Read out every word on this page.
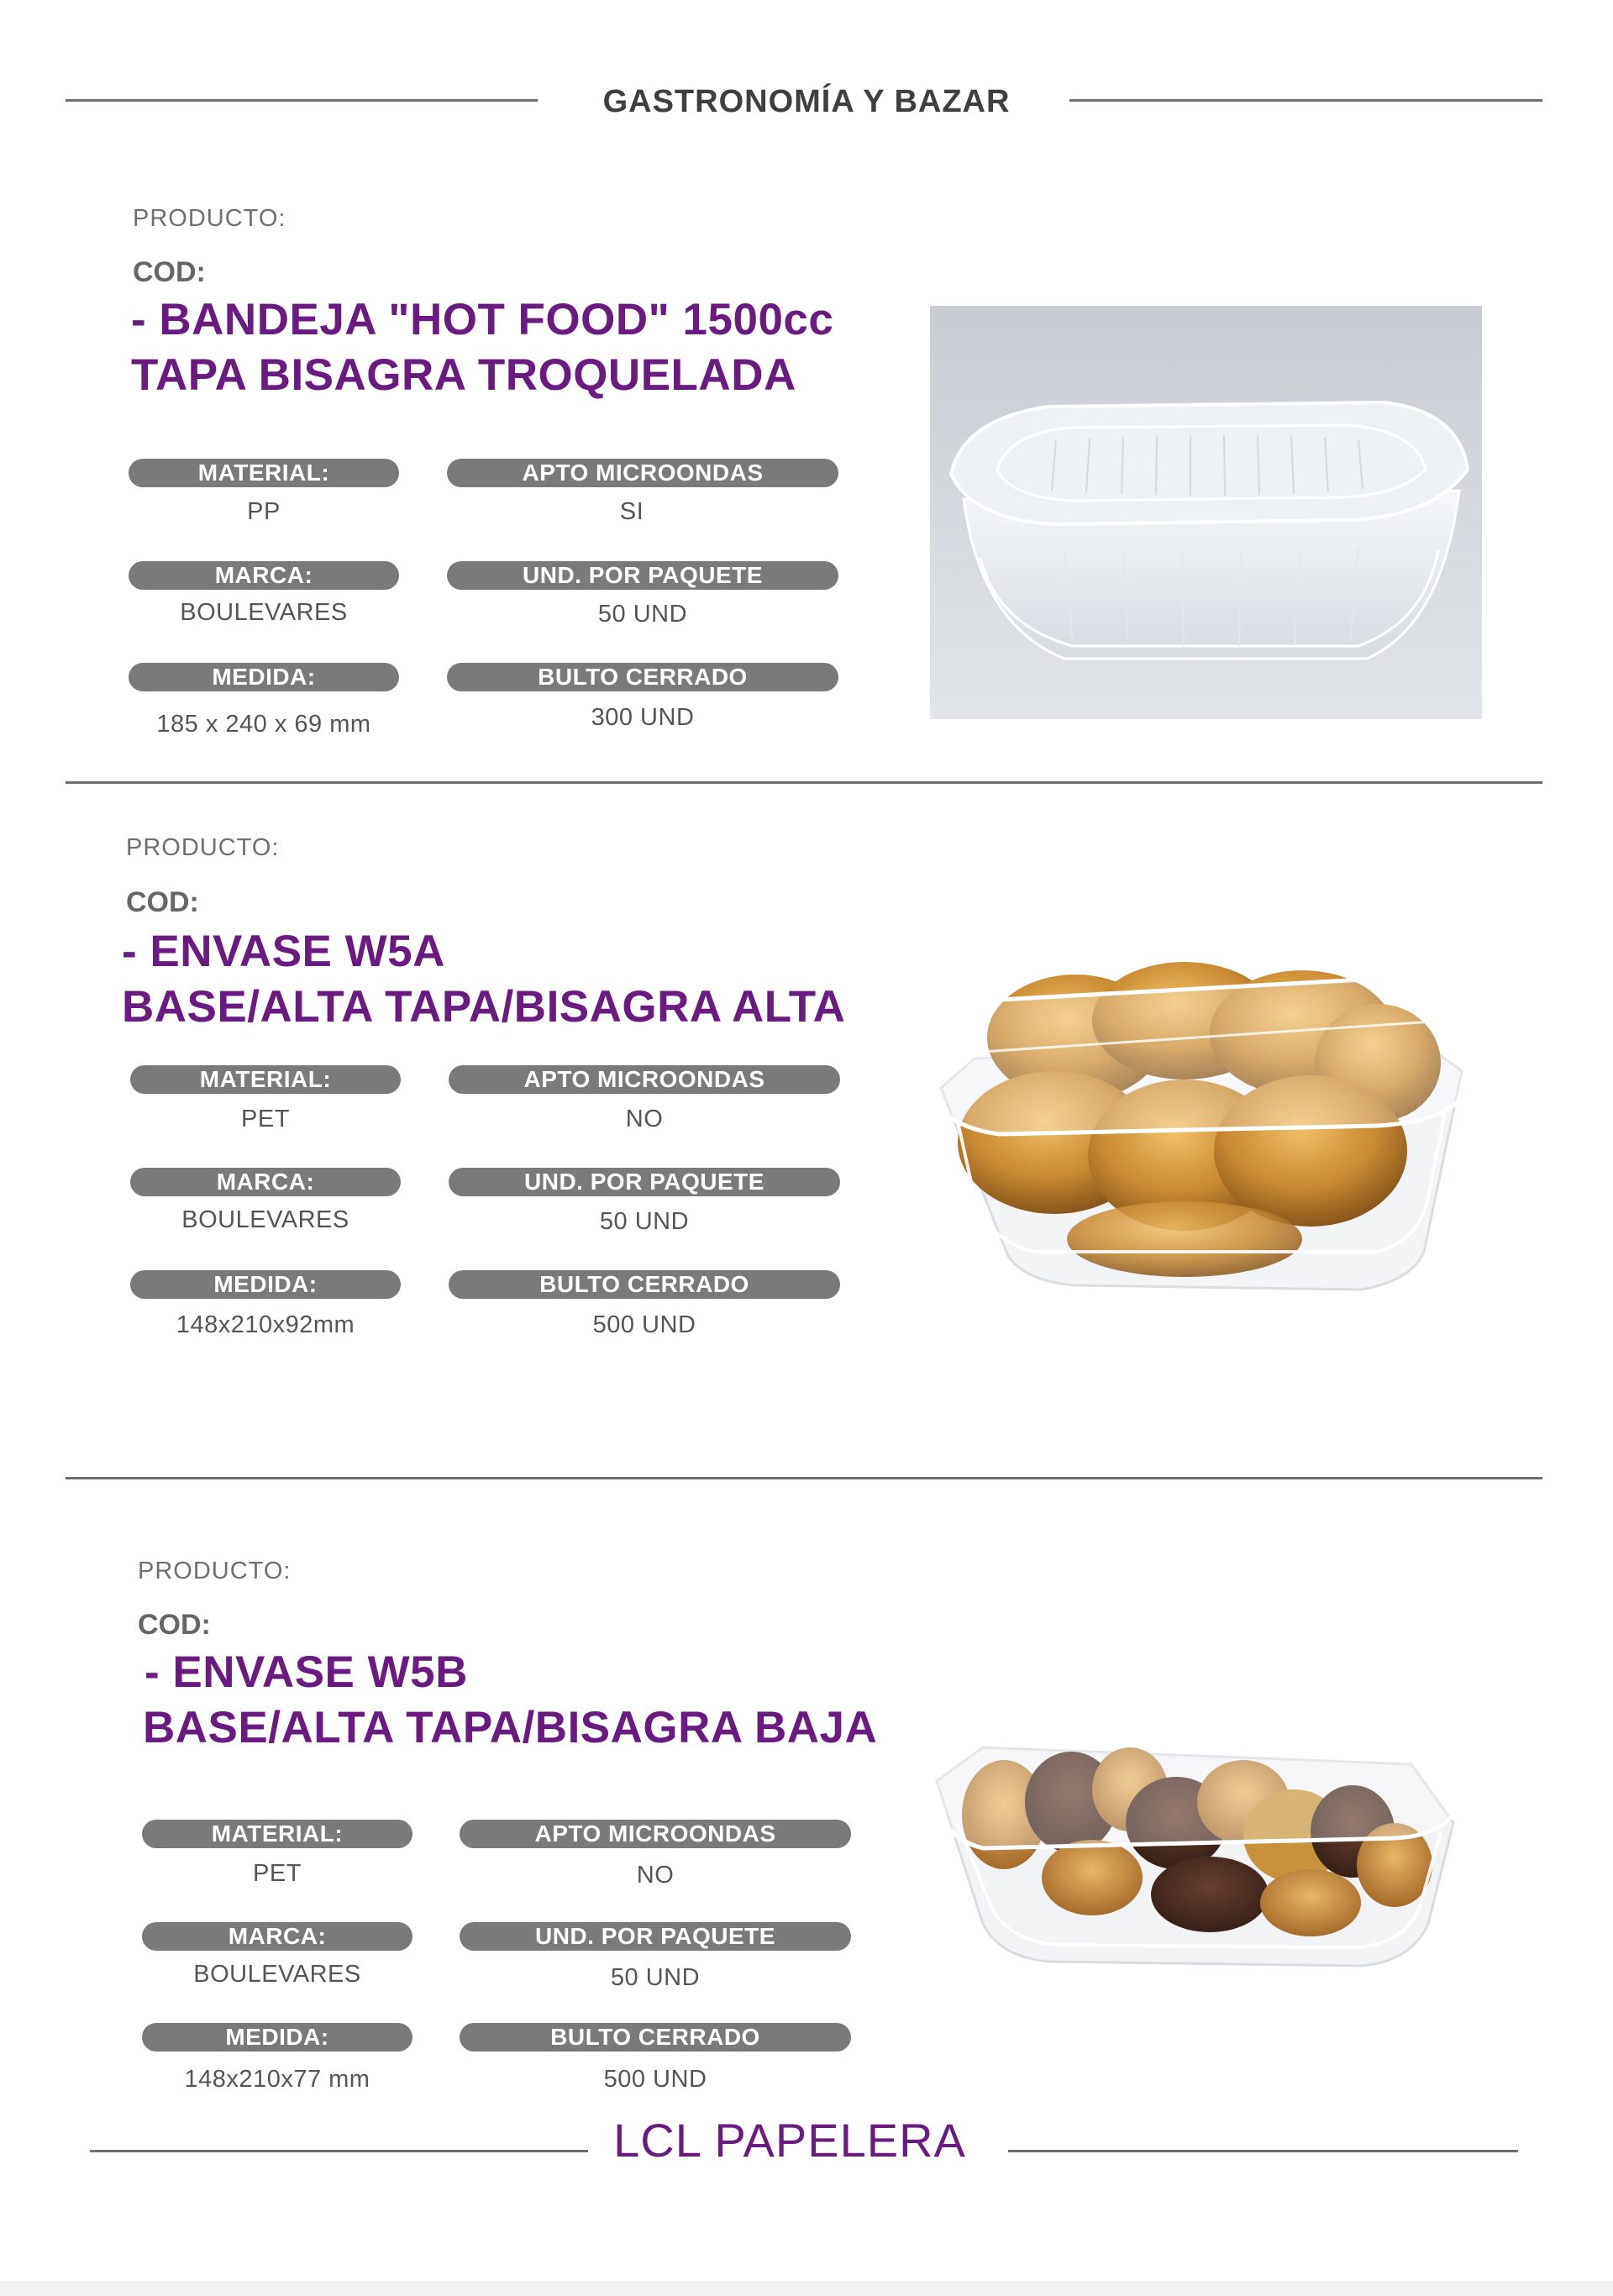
GASTRONOMÍA Y BAZAR
PRODUCTO:
COD:
- BANDEJA "HOT FOOD" 1500cc
TAPA BISAGRA TROQUELADA
MATERIAL:
PP
APTO MICROONDAS
SI
MARCA:
BOULEVARES
UND. POR PAQUETE
50 UND
MEDIDA:
185 x 240 x 69 mm
BULTO CERRADO
300 UND
PRODUCTO:
COD:
- ENVASE W5A
BASE/ALTA TAPA/BISAGRA ALTA
MATERIAL:
PET
APTO MICROONDAS
NO
MARCA:
BOULEVARES
UND. POR PAQUETE
50 UND
MEDIDA:
148x210x92mm
BULTO CERRADO
500 UND
PRODUCTO:
COD:
- ENVASE W5B
BASE/ALTA TAPA/BISAGRA BAJA
MATERIAL:
PET
APTO MICROONDAS
NO
MARCA:
BOULEVARES
UND. POR PAQUETE
50 UND
MEDIDA:
148x210x77 mm
BULTO CERRADO
500 UND
LCL PAPELERA
